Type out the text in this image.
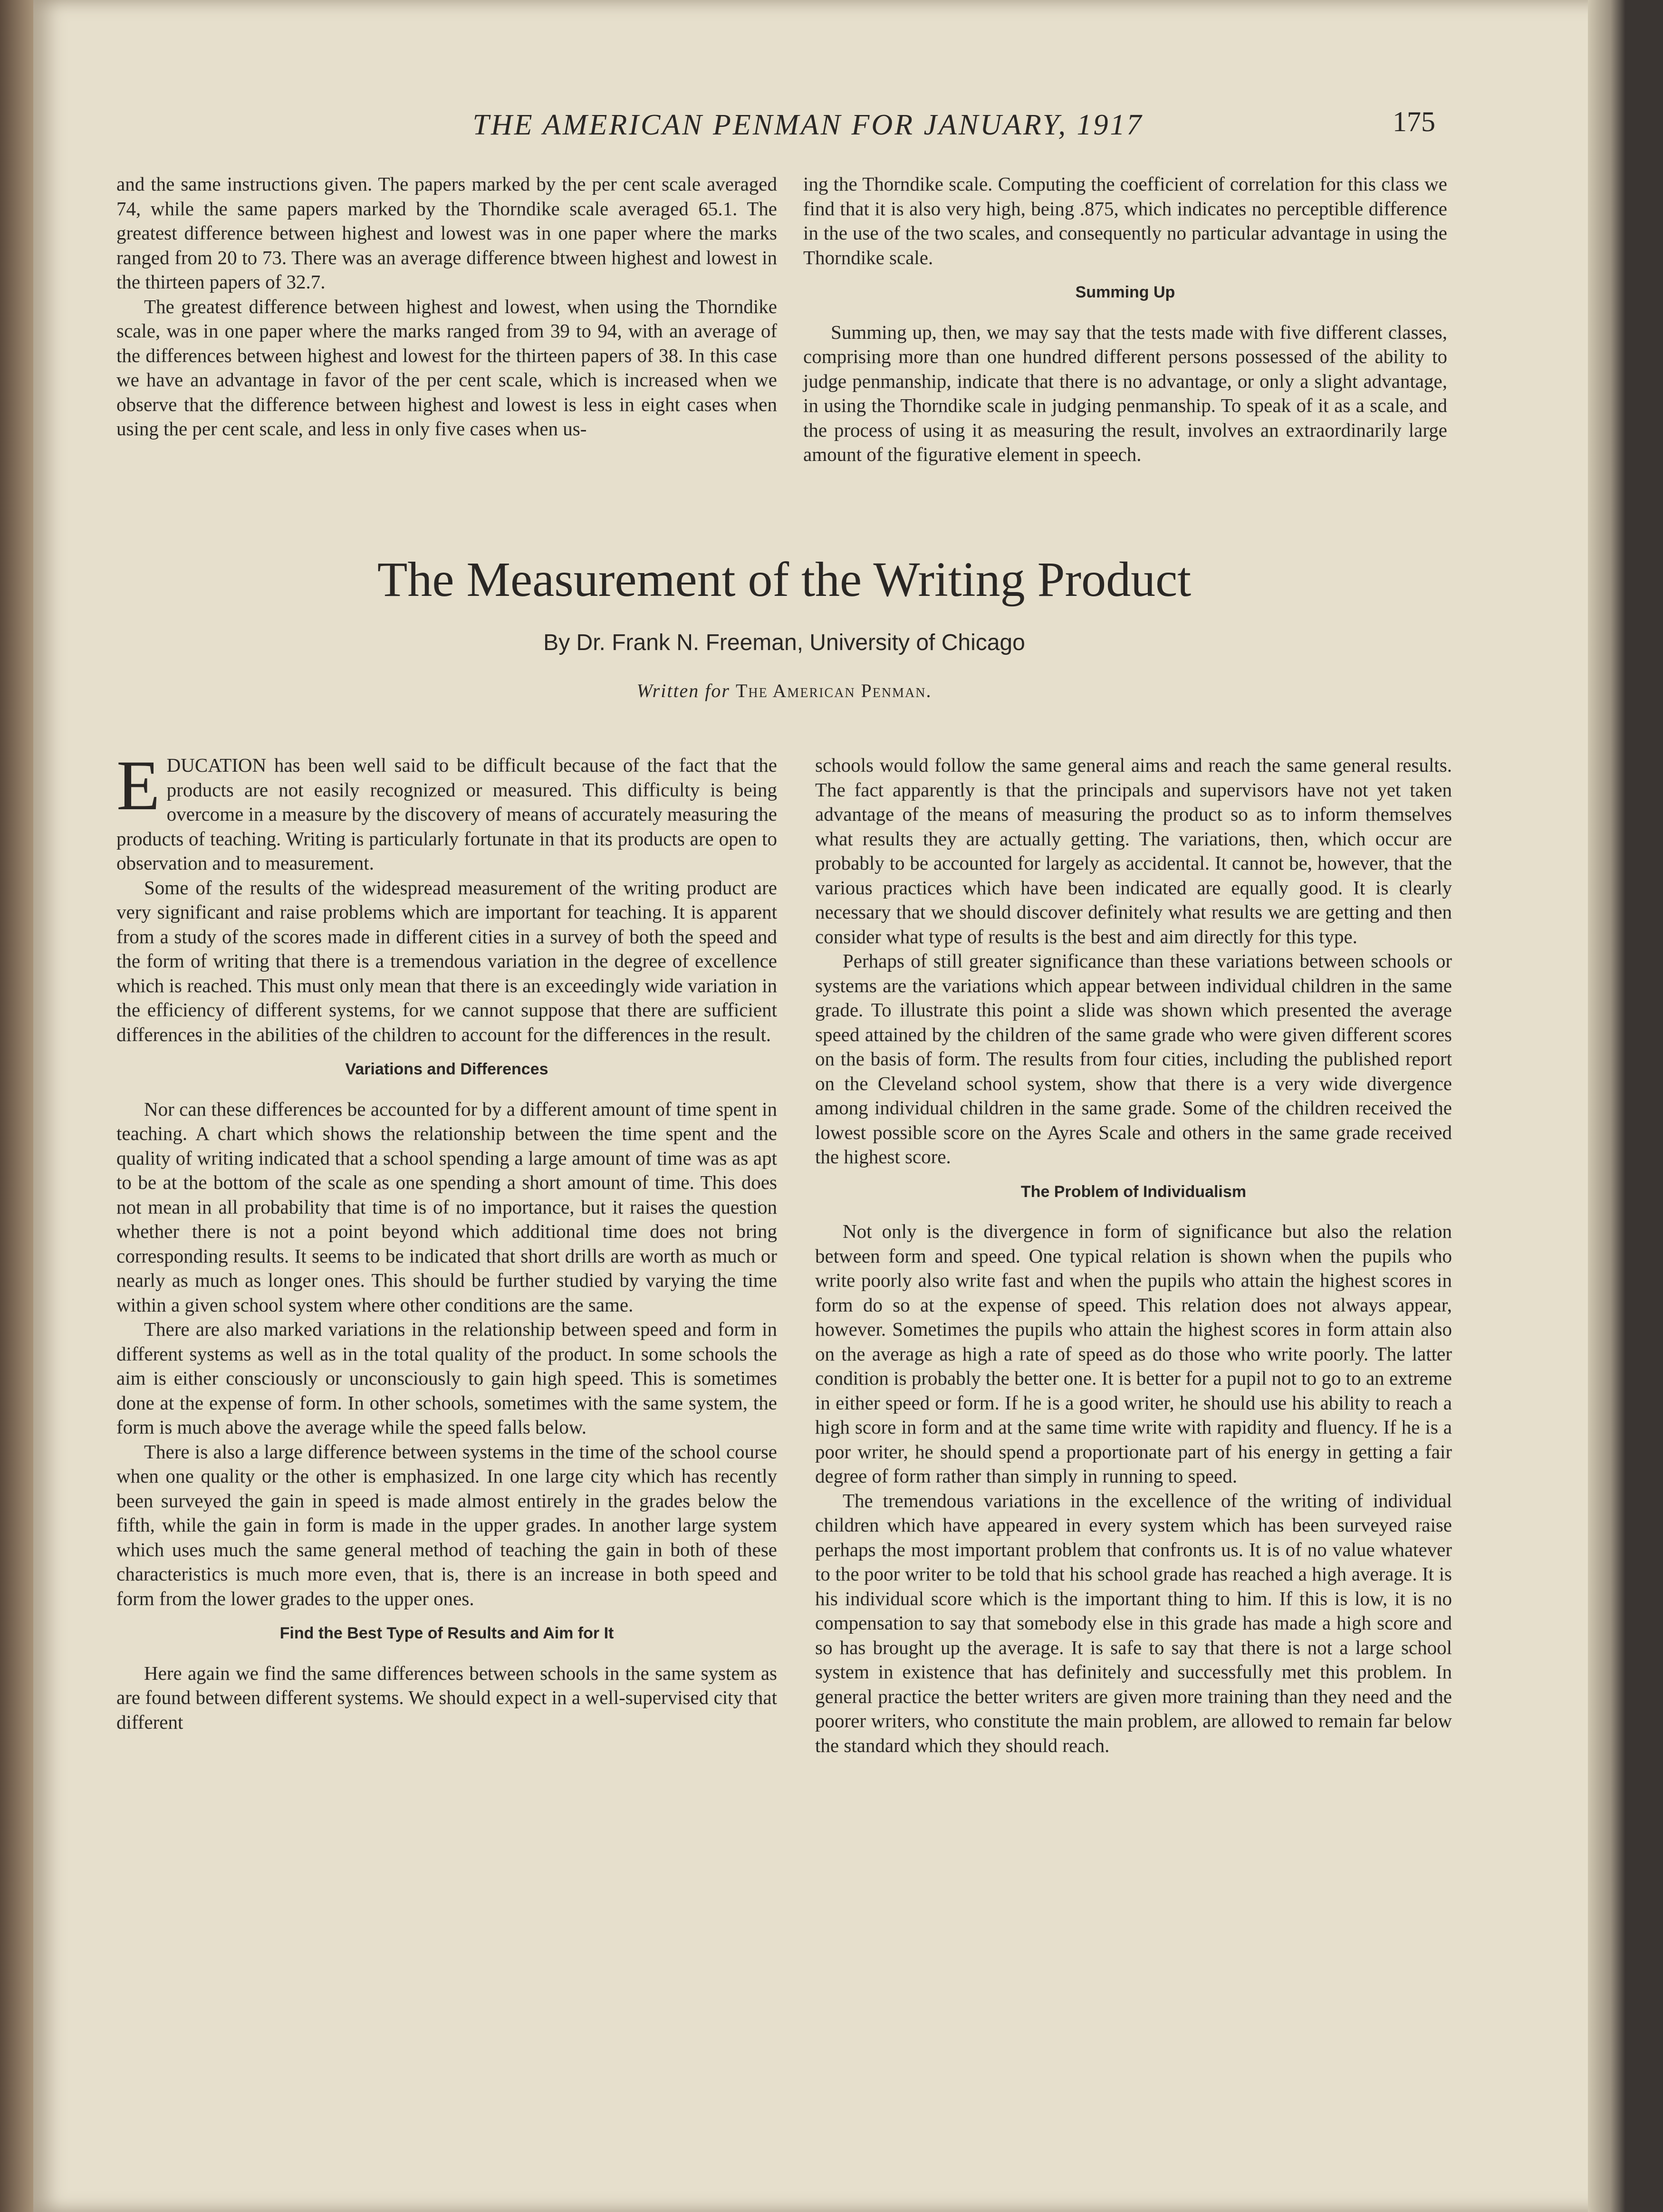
THE AMERICAN PENMAN FOR JANUARY, 1917	175

and the same instructions given. The papers marked by the per cent scale averaged 74, while the same papers marked by the Thorndike scale averaged 65.1. The greatest difference between highest and lowest was in one paper where the marks ranged from 20 to 73. There was an average difference btween highest and lowest in the thirteen papers of 32.7.

The greatest difference between highest and lowest, when using the Thorndike scale, was in one paper where the marks ranged from 39 to 94, with an average of the differences between highest and lowest for the thirteen papers of 38. In this case we have an advantage in favor of the per cent scale, which is increased when we observe that the difference between highest and lowest is less in eight cases when using the per cent scale, and less in only five cases when us-

ing the Thorndike scale. Computing the coefficient of correlation for this class we find that it is also very high, being .875, which indicates no perceptible difference in the use of the two scales, and consequently no particular advantage in using the Thorndike scale.

Summing Up

Summing up, then, we may say that the tests made with five different classes, comprising more than one hundred different persons possessed of the ability to judge penmanship, indicate that there is no advantage, or only a slight advantage, in using the Thorndike scale in judging penmanship. To speak of it as a scale, and the process of using it as measuring the result, involves an extraordinarily large amount of the figurative element in speech.

The Measurement of the Writing Product
By Dr. Frank N. Freeman, University of Chicago
Written for The American Penman.

EDUCATION has been well said to be difficult because of the fact that the products are not easily recognized or measured. This difficulty is being overcome in a measure by the discovery of means of accurately measuring the products of teaching. Writing is particularly fortunate in that its products are open to observation and to measurement.

Some of the results of the widespread measurement of the writing product are very significant and raise problems which are important for teaching. It is apparent from a study of the scores made in different cities in a survey of both the speed and the form of writing that there is a tremendous variation in the degree of excellence which is reached. This must only mean that there is an exceedingly wide variation in the efficiency of different systems, for we cannot suppose that there are sufficient differences in the abilities of the children to account for the differences in the result.

Variations and Differences

Nor can these differences be accounted for by a different amount of time spent in teaching. A chart which shows the relationship between the time spent and the quality of writing indicated that a school spending a large amount of time was as apt to be at the bottom of the scale as one spending a short amount of time. This does not mean in all probability that time is of no importance, but it raises the question whether there is not a point beyond which additional time does not bring corresponding results. It seems to be indicated that short drills are worth as much or nearly as much as longer ones. This should be further studied by varying the time within a given school system where other conditions are the same.

There are also marked variations in the relationship between speed and form in different systems as well as in the total quality of the product. In some schools the aim is either consciously or unconsciously to gain high speed. This is sometimes done at the expense of form. In other schools, sometimes with the same system, the form is much above the average while the speed falls below.

There is also a large difference between systems in the time of the school course when one quality or the other is emphasized. In one large city which has recently been surveyed the gain in speed is made almost entirely in the grades below the fifth, while the gain in form is made in the upper grades. In another large system which uses much the same general method of teaching the gain in both of these characteristics is much more even, that is, there is an increase in both speed and form from the lower grades to the upper ones.

Find the Best Type of Results and Aim for It

Here again we find the same differences between schools in the same system as are found between different systems. We should expect in a well-supervised city that different

schools would follow the same general aims and reach the same general results. The fact apparently is that the principals and supervisors have not yet taken advantage of the means of measuring the product so as to inform themselves what results they are actually getting. The variations, then, which occur are probably to be accounted for largely as accidental. It cannot be, however, that the various practices which have been indicated are equally good. It is clearly necessary that we should discover definitely what results we are getting and then consider what type of results is the best and aim directly for this type.

Perhaps of still greater significance than these variations between schools or systems are the variations which appear between individual children in the same grade. To illustrate this point a slide was shown which presented the average speed attained by the children of the same grade who were given different scores on the basis of form. The results from four cities, including the published report on the Cleveland school system, show that there is a very wide divergence among individual children in the same grade. Some of the children received the lowest possible score on the Ayres Scale and others in the same grade received the highest score.

The Problem of Individualism

Not only is the divergence in form of significance but also the relation between form and speed. One typical relation is shown when the pupils who write poorly also write fast and when the pupils who attain the highest scores in form do so at the expense of speed. This relation does not always appear, however. Sometimes the pupils who attain the highest scores in form attain also on the average as high a rate of speed as do those who write poorly. The latter condition is probably the better one. It is better for a pupil not to go to an extreme in either speed or form. If he is a good writer, he should use his ability to reach a high score in form and at the same time write with rapidity and fluency. If he is a poor writer, he should spend a proportionate part of his energy in getting a fair degree of form rather than simply in running to speed.

The tremendous variations in the excellence of the writing of individual children which have appeared in every system which has been surveyed raise perhaps the most important problem that confronts us. It is of no value whatever to the poor writer to be told that his school grade has reached a high average. It is his individual score which is the important thing to him. If this is low, it is no compensation to say that somebody else in this grade has made a high score and so has brought up the average. It is safe to say that there is not a large school system in existence that has definitely and successfully met this problem. In general practice the better writers are given more training than they need and the poorer writers, who constitute the main problem, are allowed to remain far below the standard which they should reach.
